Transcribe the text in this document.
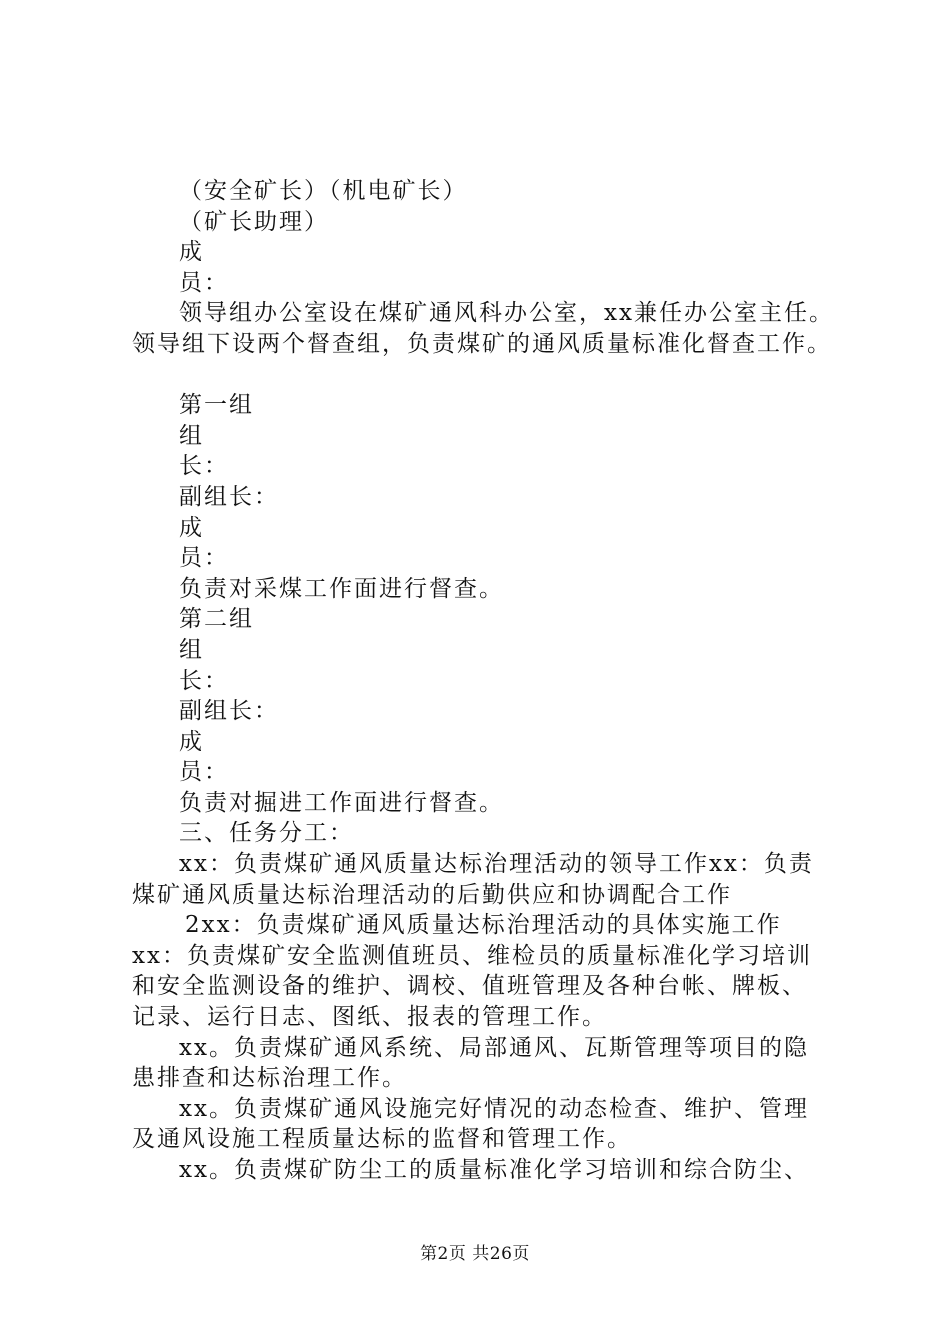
（安全矿长）（机电矿长）
（矿长助理）
成
员：
领导组办公室设在煤矿通风科办公室，xx兼任办公室主任。
领导组下设两个督查组，负责煤矿的通风质量标准化督查工作。
第一组
组
长：
副组长：
成
员：
负责对采煤工作面进行督查。
第二组
组
长：
副组长：
成
员：
负责对掘进工作面进行督查。
三、任务分工：
xx：负责煤矿通风质量达标治理活动的领导工作xx：负责
煤矿通风质量达标治理活动的后勤供应和协调配合工作
2xx：负责煤矿通风质量达标治理活动的具体实施工作
xx：负责煤矿安全监测值班员、维检员的质量标准化学习培训
和安全监测设备的维护、调校、值班管理及各种台帐、牌板、
记录、运行日志、图纸、报表的管理工作。
xx。负责煤矿通风系统、局部通风、瓦斯管理等项目的隐
患排查和达标治理工作。
xx。负责煤矿通风设施完好情况的动态检查、维护、管理
及通风设施工程质量达标的监督和管理工作。
xx。负责煤矿防尘工的质量标准化学习培训和综合防尘、
第2页 共26页
